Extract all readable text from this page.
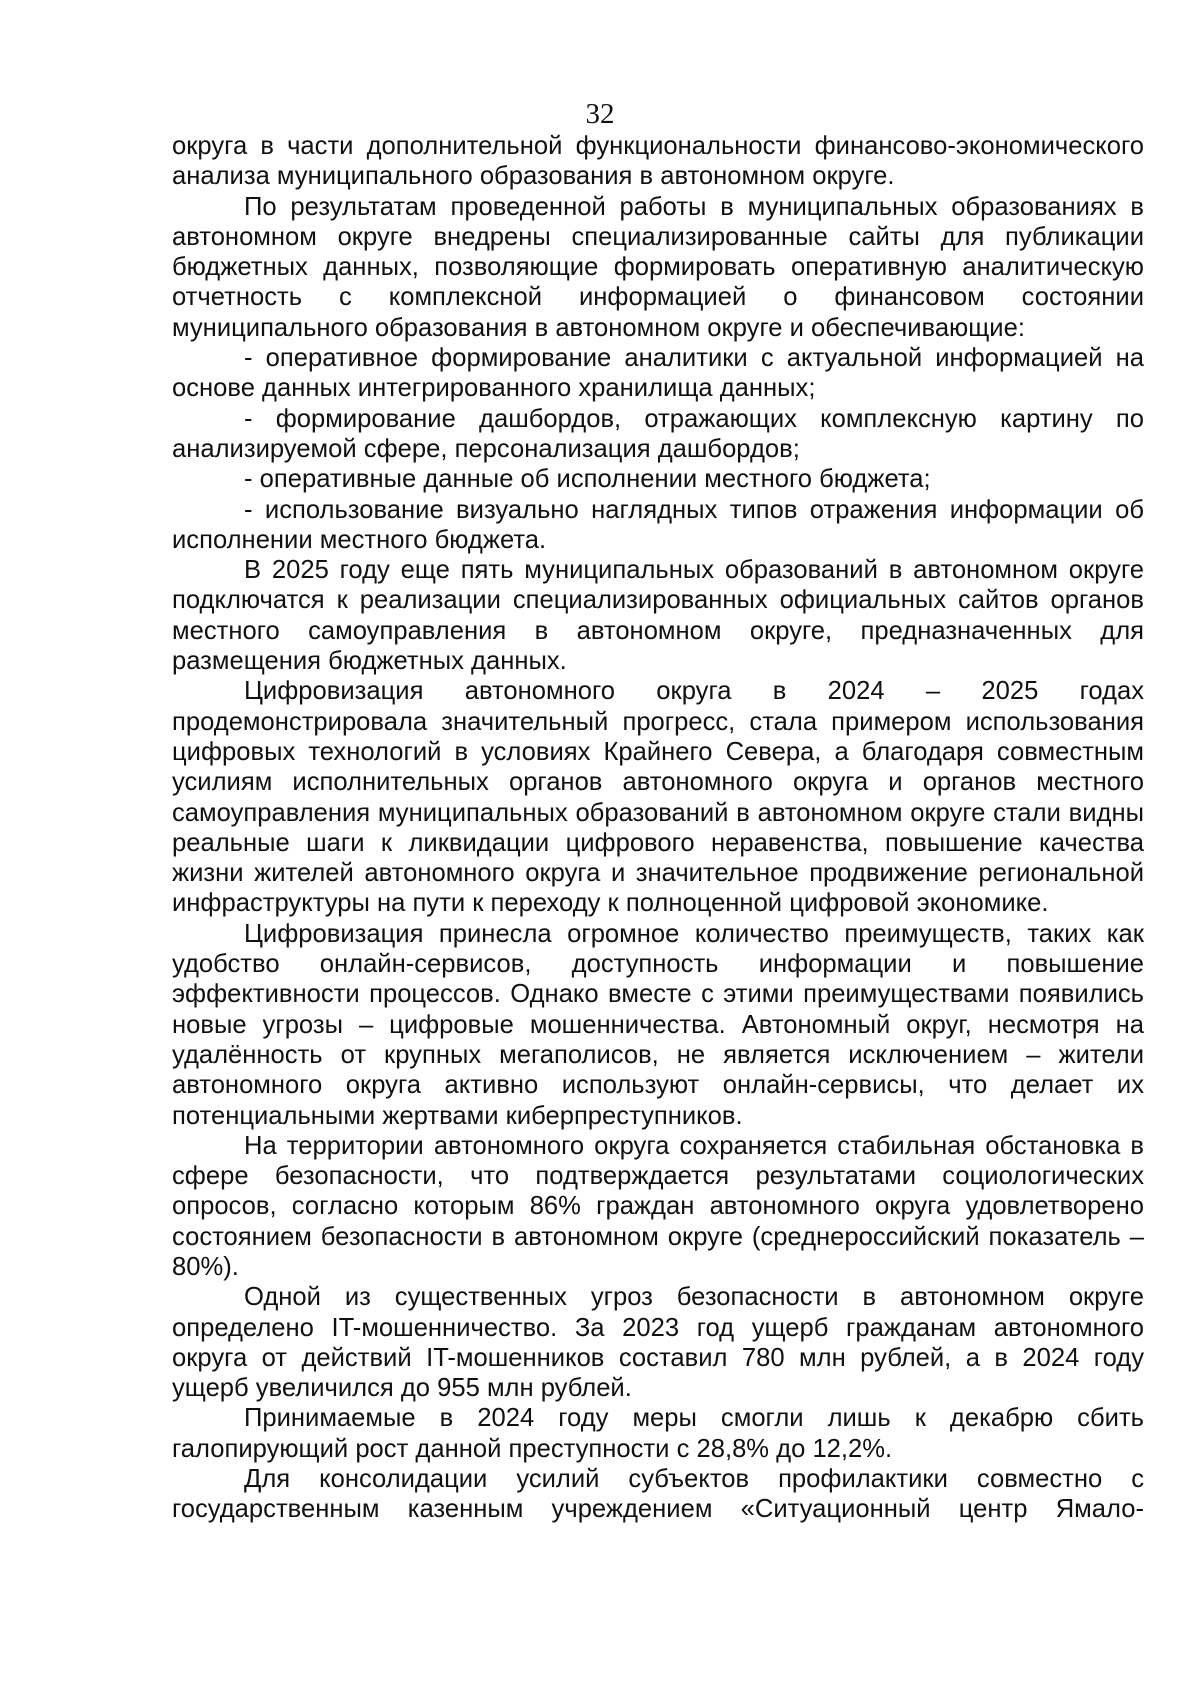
32

округа в части дополнительной функциональности финансово-экономического анализа муниципального образования в автономном округе.

По результатам проведенной работы в муниципальных образованиях в автономном округе внедрены специализированные сайты для публикации бюджетных данных, позволяющие формировать оперативную аналитическую отчетность с комплексной информацией о финансовом состоянии муниципального образования в автономном округе и обеспечивающие:

- оперативное формирование аналитики с актуальной информацией на основе данных интегрированного хранилища данных;

- формирование дашбордов, отражающих комплексную картину по анализируемой сфере, персонализация дашбордов;

- оперативные данные об исполнении местного бюджета;

- использование визуально наглядных типов отражения информации об исполнении местного бюджета.

В 2025 году еще пять муниципальных образований в автономном округе подключатся к реализации специализированных официальных сайтов органов местного самоуправления в автономном округе, предназначенных для размещения бюджетных данных.

Цифровизация автономного округа в 2024 – 2025 годах продемонстрировала значительный прогресс, стала примером использования цифровых технологий в условиях Крайнего Севера, а благодаря совместным усилиям исполнительных органов автономного округа и органов местного самоуправления муниципальных образований в автономном округе стали видны реальные шаги к ликвидации цифрового неравенства, повышение качества жизни жителей автономного округа и значительное продвижение региональной инфраструктуры на пути к переходу к полноценной цифровой экономике.

Цифровизация принесла огромное количество преимуществ, таких как удобство онлайн-сервисов, доступность информации и повышение эффективности процессов. Однако вместе с этими преимуществами появились новые угрозы – цифровые мошенничества. Автономный округ, несмотря на удалённость от крупных мегаполисов, не является исключением – жители автономного округа активно используют онлайн-сервисы, что делает их потенциальными жертвами киберпреступников.

На территории автономного округа сохраняется стабильная обстановка в сфере безопасности, что подтверждается результатами социологических опросов, согласно которым 86% граждан автономного округа удовлетворено состоянием безопасности в автономном округе (среднероссийский показатель – 80%).

Одной из существенных угроз безопасности в автономном округе определено IT-мошенничество. За 2023 год ущерб гражданам автономного округа от действий IT-мошенников составил 780 млн рублей, а в 2024 году ущерб увеличился до 955 млн рублей.

Принимаемые в 2024 году меры смогли лишь к декабрю сбить галопирующий рост данной преступности с 28,8% до 12,2%.

Для консолидации усилий субъектов профилактики совместно с государственным казенным учреждением «Ситуационный центр Ямало-
